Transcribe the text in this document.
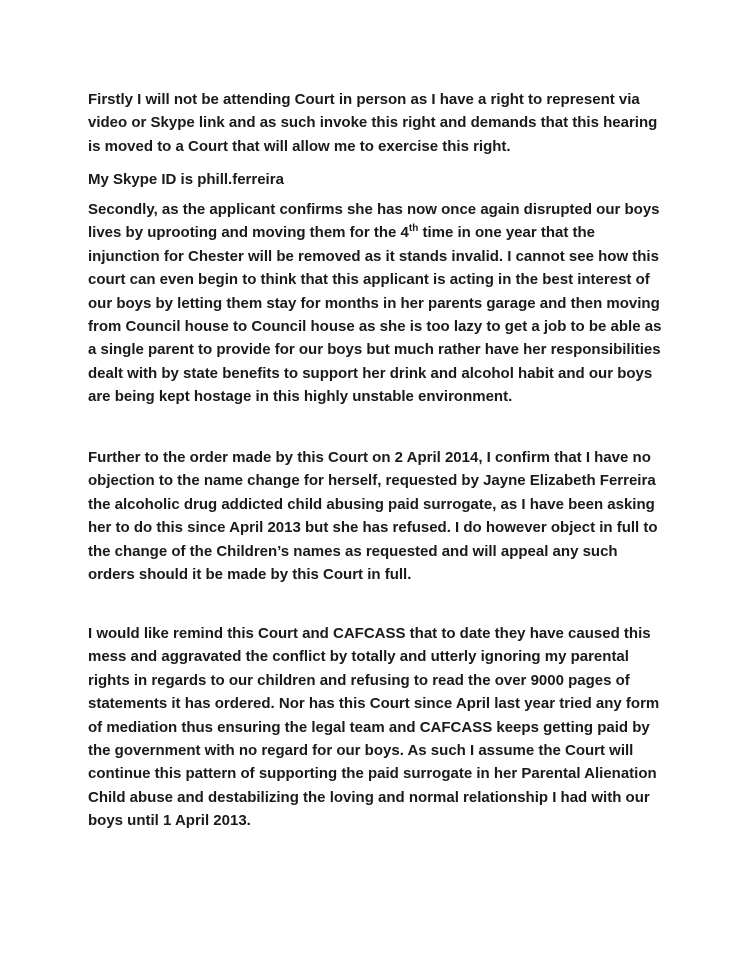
Firstly I will not be attending Court in person as I have a right to represent via
video or Skype link and as such invoke this right and demands that this hearing
is moved to a Court that will allow me to exercise this right.

My Skype ID is phill.ferreira

Secondly, as the applicant confirms she has now once again disrupted our boys
lives by uprooting and moving them for the 4th time in one year that the
injunction for Chester will be removed as it stands invalid. I cannot see how this
court can even begin to think that this applicant is acting in the best interest of
our boys by letting them stay for months in her parents garage and then moving
from Council house to Council house as she is too lazy to get a job to be able as
a single parent to provide for our boys but much rather have her responsibilities
dealt with by state benefits to support her drink and alcohol habit and our boys
are being kept hostage in this highly unstable environment.

Further to the order made by this Court on 2 April 2014, I confirm that I have no
objection to the name change for herself, requested by Jayne Elizabeth Ferreira
the alcoholic drug addicted child abusing paid surrogate, as I have been asking
her to do this since April 2013 but she has refused. I do however object in full to
the change of the Children’s names as requested and will appeal any such
orders should it be made by this Court in full.

I would like remind this Court and CAFCASS that to date they have caused this
mess and aggravated the conflict by totally and utterly ignoring my parental
rights in regards to our children and refusing to read the over 9000 pages of
statements it has ordered. Nor has this Court since April last year tried any form
of mediation thus ensuring the legal team and CAFCASS keeps getting paid by
the government with no regard for our boys. As such I assume the Court will
continue this pattern of supporting the paid surrogate in her Parental Alienation
Child abuse and destabilizing the loving and normal relationship I had with our
boys until 1 April 2013.
